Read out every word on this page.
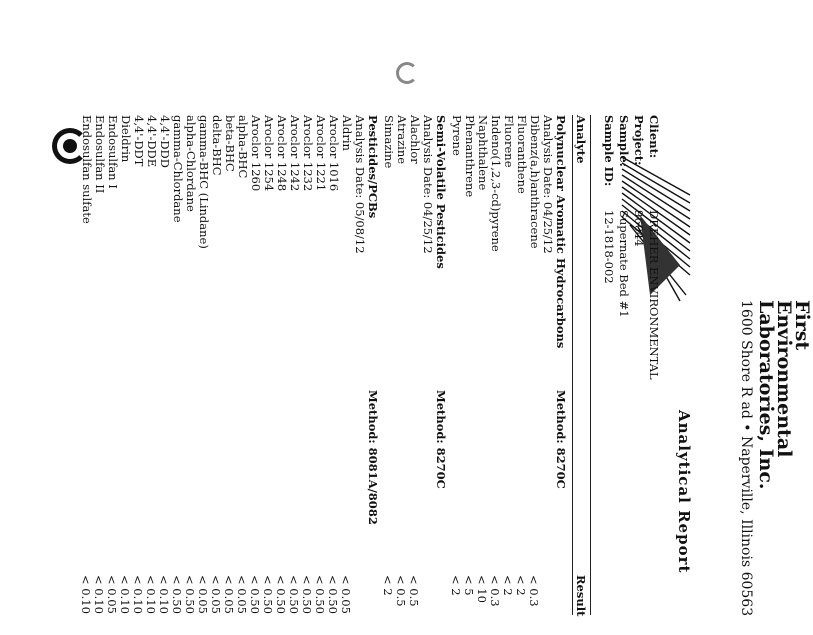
First
Environmental
Laboratories, Inc.
1600 Shore R ad • Naperville, Illinois 60563
Analytical Report
Client:
DREHER ENVIRONMENTAL
Project:
96044
Sample:
Supernate Bed #1
Sample ID:
12-1818-002
Analyte
Result
Polynuclear Aromatic Hydrocarbons
Method: 8270C
Analysis Date: 04/25/12
Dibenz(a,h)anthracene
< 0.3
Fluoranthene
< 2
Fluorene
< 2
Indeno(1,2,3-cd)pyrene
< 0.3
Naphthalene
< 10
Phenanthrene
< 5
Pyrene
< 2
Semi-Volatile Pesticides
Method: 8270C
Analysis Date: 04/25/12
Alachlor
< 0.5
Atrazine
< 0.5
Simazine
< 2
Pesticides/PCBs
Method: 8081A/8082
Analysis Date: 05/08/12
Aldrin
< 0.05
Aroclor 1016
< 0.50
Aroclor 1221
< 0.50
Aroclor 1232
< 0.50
Aroclor 1242
< 0.50
Aroclor 1248
< 0.50
Aroclor 1254
< 0.50
Aroclor 1260
< 0.50
alpha-BHC
< 0.05
beta-BHC
< 0.05
delta-BHC
< 0.05
gamma-BHC (Lindane)
< 0.05
alpha-Chlordane
< 0.50
gamma-Chlordane
< 0.50
4,4'-DDD
< 0.10
4,4'-DDE
< 0.10
4,4'-DDT
< 0.10
Dieldrin
< 0.10
Endosulfan I
< 0.05
Endosulfan II
< 0.10
Endosulfan sulfate
< 0.10
